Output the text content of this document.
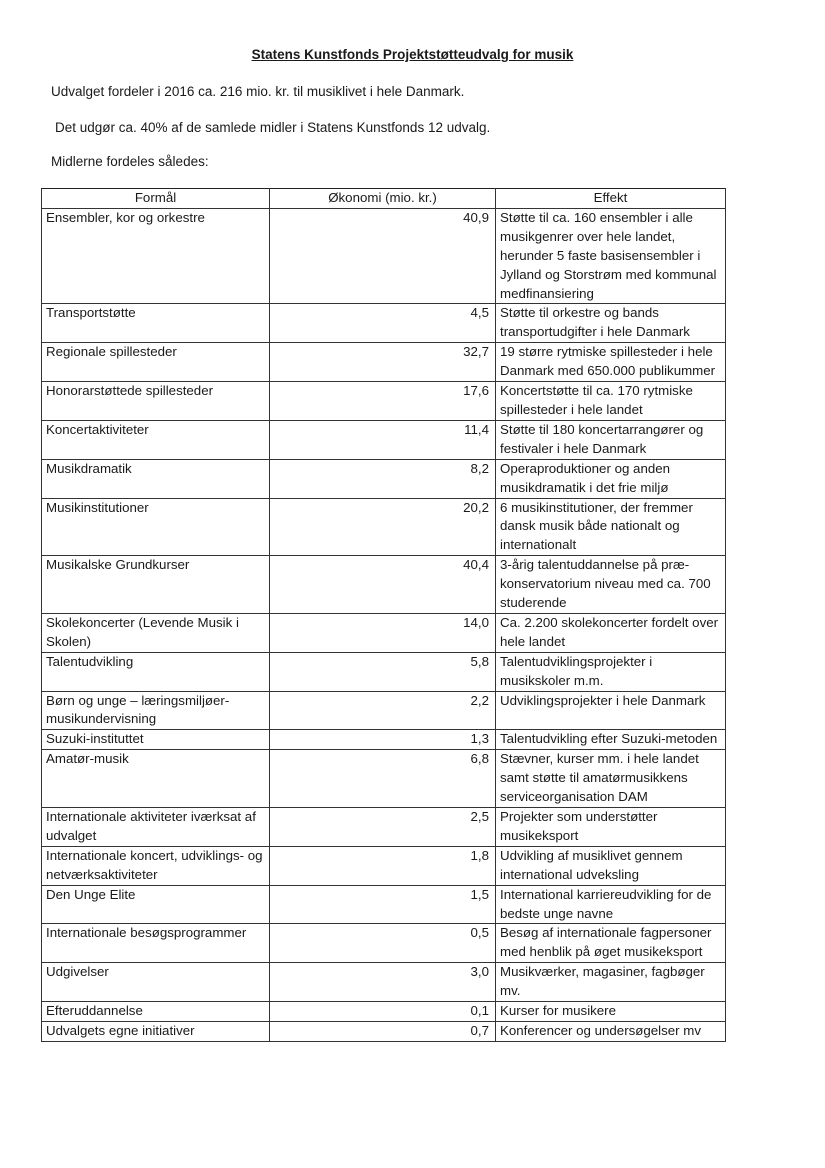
Statens Kunstfonds Projektstøtteudvalg for musik

Udvalget fordeler i 2016 ca. 216 mio. kr. til musiklivet i hele Danmark.

Det udgør ca. 40% af de samlede midler i Statens Kunstfonds 12 udvalg.

Midlerne fordeles således:

Formål	Økonomi (mio. kr.)	Effekt
Ensembler, kor og orkestre	40,9	Støtte til ca. 160 ensembler i alle musikgenrer over hele landet, herunder 5 faste basisensembler i Jylland og Storstrøm med kommunal medfinansiering
Transportstøtte	4,5	Støtte til orkestre og bands transportudgifter i hele Danmark
Regionale spillesteder	32,7	19 større rytmiske spillesteder i hele Danmark med 650.000 publikummer
Honorarstøttede spillesteder	17,6	Koncertstøtte til ca. 170 rytmiske spillesteder i hele landet
Koncertaktiviteter	11,4	Støtte til 180 koncertarrangører og festivaler i hele Danmark
Musikdramatik	8,2	Operaproduktioner og anden musikdramatik i det frie miljø
Musikinstitutioner	20,2	6 musikinstitutioner, der fremmer dansk musik både nationalt og internationalt
Musikalske Grundkurser	40,4	3-årig talentuddannelse på præ-konservatorium niveau med ca. 700 studerende
Skolekoncerter (Levende Musik i Skolen)	14,0	Ca. 2.200 skolekoncerter fordelt over hele landet
Talentudvikling	5,8	Talentudviklingsprojekter i musikskoler m.m.
Børn og unge – læringsmiljøer-musikundervisning	2,2	Udviklingsprojekter i hele Danmark
Suzuki-instituttet	1,3	Talentudvikling efter Suzuki-metoden
Amatør-musik	6,8	Stævner, kurser mm. i hele landet samt støtte til amatørmusikkens serviceorganisation DAM
Internationale aktiviteter iværksat af udvalget	2,5	Projekter som understøtter musikeksport
Internationale koncert, udviklings- og netværksaktiviteter	1,8	Udvikling af musiklivet gennem international udveksling
Den Unge Elite	1,5	International karriereudvikling for de bedste unge navne
Internationale besøgsprogrammer	0,5	Besøg af internationale fagpersoner med henblik på øget musikeksport
Udgivelser	3,0	Musikværker, magasiner, fagbøger mv.
Efteruddannelse	0,1	Kurser for musikere
Udvalgets egne initiativer	0,7	Konferencer og undersøgelser mv
